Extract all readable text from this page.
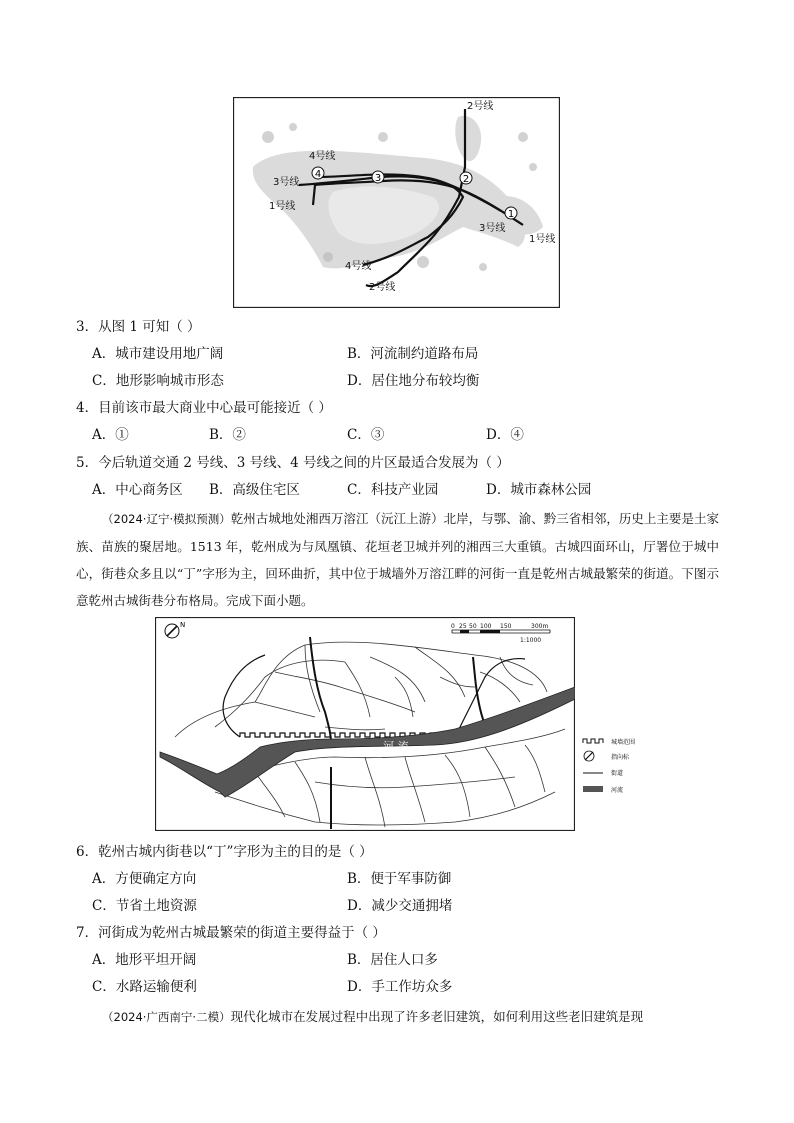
4	3	2
1
2号线
4号线
3号线
1号线
3号线
1号线
4号线
2号线
3．从图 1 可知（ ）
A．城市建设用地广阔	B．河流制约道路布局
C．地形影响城市形态	D．居住地分布较均衡
4．目前该市最大商业中心最可能接近（ ）
A．①	B．②	C．③	D．④
5．今后轨道交通 2 号线、3 号线、4 号线之间的片区最适合发展为（ ）
A．中心商务区 B．高级住宅区	C．科技产业园	D．城市森林公园
（2024·辽宁·模拟预测）乾州古城地处湘西万溶江（沅江上游）北岸，与鄂、渝、黔三省相邻，历史上主要是土家族、苗族的聚居地。1513 年，乾州成为与凤凰镇、花垣老卫城并列的湘西三大重镇。古城四面环山，厅署位于城中心，街巷众多且以“丁”字形为主，回环曲折，其中位于城墙外万溶江畔的河街一直是乾州古城最繁荣的街道。下图示意乾州古城街巷分布格局。完成下面小题。
N	0 25 50 100 150	300m
1:1000
河 流	城墙范围
指向标
街道
河流
6．乾州古城内街巷以“丁”字形为主的目的是（ ）
A．方便确定方向	B．便于军事防御
C．节省土地资源	D．减少交通拥堵
7．河街成为乾州古城最繁荣的街道主要得益于（ ）
A．地形平坦开阔	B．居住人口多
C．水路运输便利	D．手工作坊众多
（2024·广西南宁·二模）现代化城市在发展过程中出现了许多老旧建筑，如何利用这些老旧建筑是现
